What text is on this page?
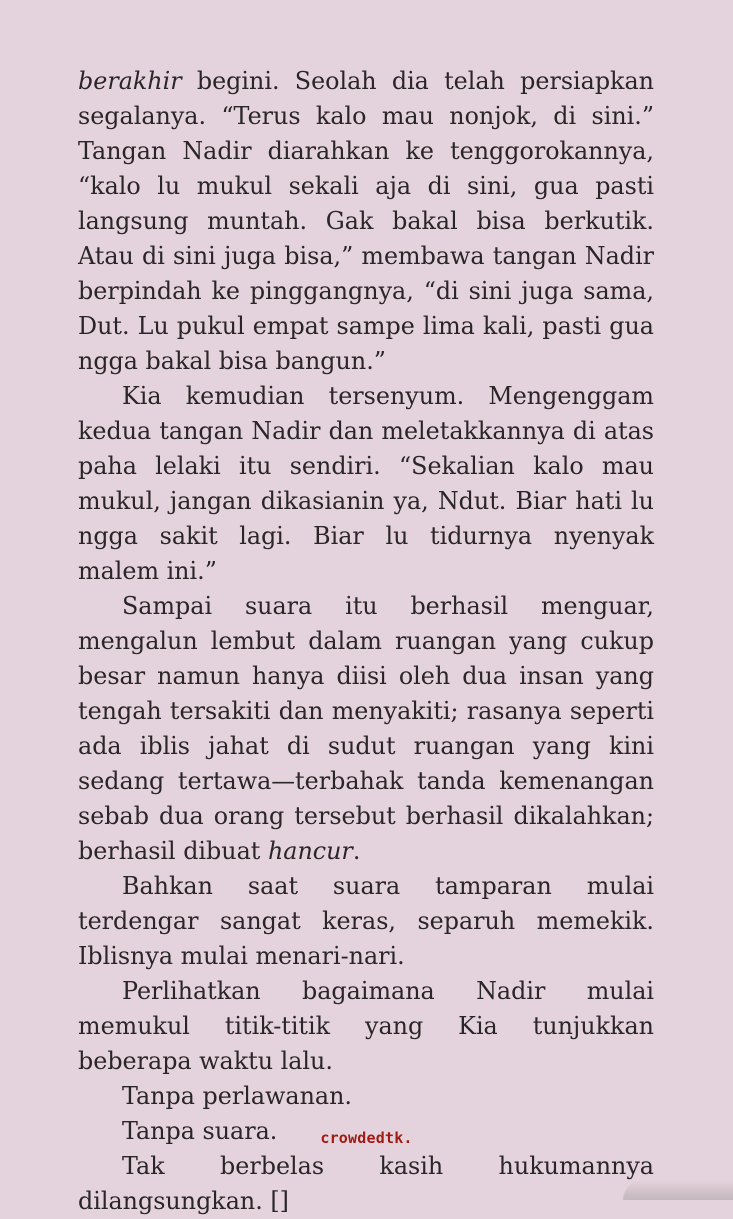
berakhir begini. Seolah dia telah persiapkan segalanya. “Terus kalo mau nonjok, di sini.” Tangan Nadir diarahkan ke tenggorokannya, “kalo lu mukul sekali aja di sini, gua pasti langsung muntah. Gak bakal bisa berkutik. Atau di sini juga bisa,” membawa tangan Nadir berpindah ke pinggangnya, “di sini juga sama, Dut. Lu pukul empat sampe lima kali, pasti gua ngga bakal bisa bangun.”

Kia kemudian tersenyum. Mengenggam kedua tangan Nadir dan meletakkannya di atas paha lelaki itu sendiri. “Sekalian kalo mau mukul, jangan dikasianin ya, Ndut. Biar hati lu ngga sakit lagi. Biar lu tidurnya nyenyak malem ini.”

Sampai suara itu berhasil menguar, mengalun lembut dalam ruangan yang cukup besar namun hanya diisi oleh dua insan yang tengah tersakiti dan menyakiti; rasanya seperti ada iblis jahat di sudut ruangan yang kini sedang tertawa—terbahak tanda kemenangan sebab dua orang tersebut berhasil dikalahkan; berhasil dibuat hancur.

Bahkan saat suara tamparan mulai terdengar sangat keras, separuh memekik. Iblisnya mulai menari-nari.

Perlihatkan bagaimana Nadir mulai memukul titik-titik yang Kia tunjukkan beberapa waktu lalu.

Tanpa perlawanan.

Tanpa suara.

Tak berbelas kasih hukumannya

dilangsungkan. []

crowdedtk.
